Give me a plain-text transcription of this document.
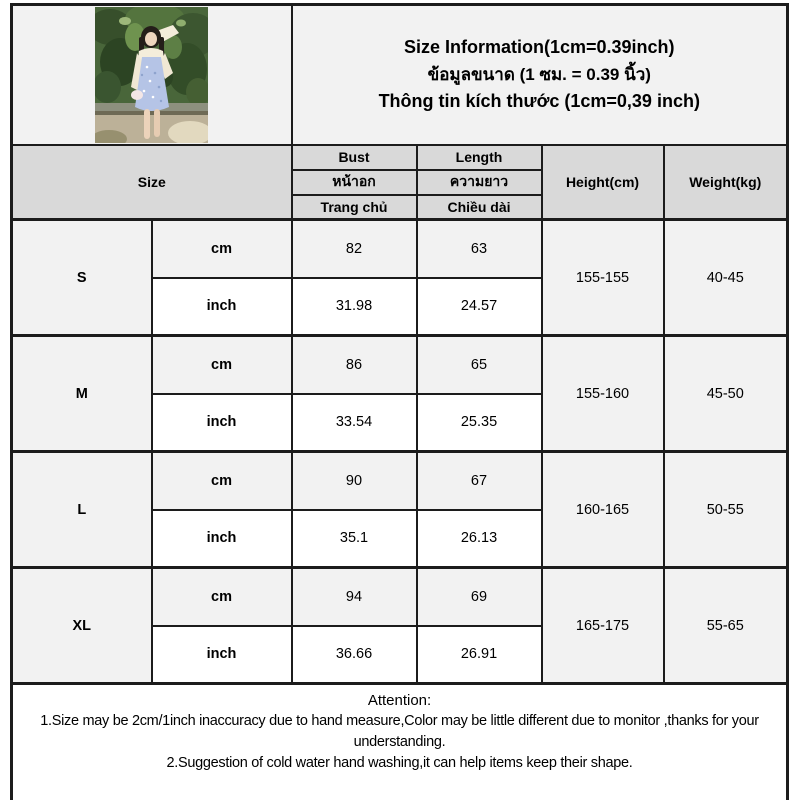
Size Information(1cm=0.39inch)
ข้อมูลขนาด (1 ซม. = 0.39 นิ้ว)
Thông tin kích thước (1cm=0,39 inch)			

Size		Bust	Length	Height(cm)	Weight(kg)
		หน้าอก	ความยาว		
		Trang chủ	Chiều dài		
S	cm	82	63	155-155	40-45
	inch	31.98	24.57		
M	cm	86	65	155-160	45-50
	inch	33.54	25.35		
L	cm	90	67	160-165	50-55
	inch	35.1	26.13		
XL	cm	94	69	165-175	55-65
	inch	36.66	26.91		

Attention:
1.Size may be 2cm/1inch inaccuracy due to hand measure,Color may be little different due to monitor ,thanks for your understanding.
2.Suggestion of cold water hand washing,it can help items keep their shape.					
